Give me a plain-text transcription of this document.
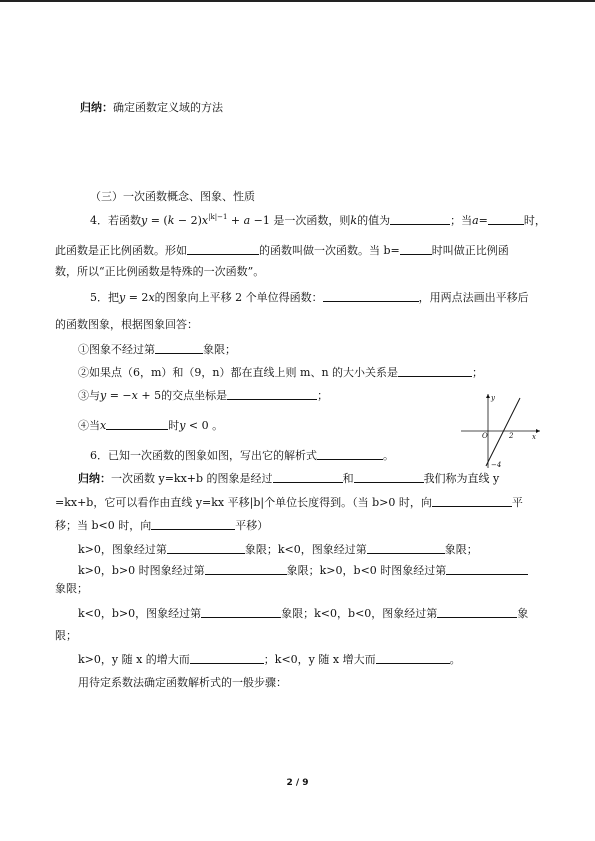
归纳：确定函数定义域的方法
（三）一次函数概念、图象、性质
4．若函数$y = (k - 2)x^{|k|-1} + a -1$ 是一次函数，则k的值为	；当a=	时，
此函数是正比例函数。形如	的函数叫做一次函数。当 b=	时叫做正比例函
数，所以“正比例函数是特殊的一次函数”。
5．把y = 2x的图象向上平移 2 个单位得函数：	，用两点法画出平移后
的函数图象，根据图象回答：
①图象不经过第	象限；
②如果点（6，m）和（9，n）都在直线上则 m、n 的大小关系是	；
③与y = −x + 5的交点坐标是	；
④当x	时y < 0 。
6．已知一次函数的图象如图，写出它的解析式	。
O	x
y
2
−4
归纳：一次函数 y=kx+b 的图象是经过	和	我们称为直线 y
=kx+b，它可以看作由直线 y=kx 平移|b|个单位长度得到。（当 b>0 时，向	平
移；当 b<0 时，向	平移）
k>0，图象经过第	象限；k<0，图象经过第	象限；
k>0，b>0 时图象经过第	象限；k>0，b<0 时图象经过第
象限；
k<0，b>0，图象经过第	象限；k<0，b<0，图象经过第	象
限；
k>0，y 随 x 的增大而	；k<0，y 随 x 增大而	。
用待定系数法确定函数解析式的一般步骤：
2 / 9
